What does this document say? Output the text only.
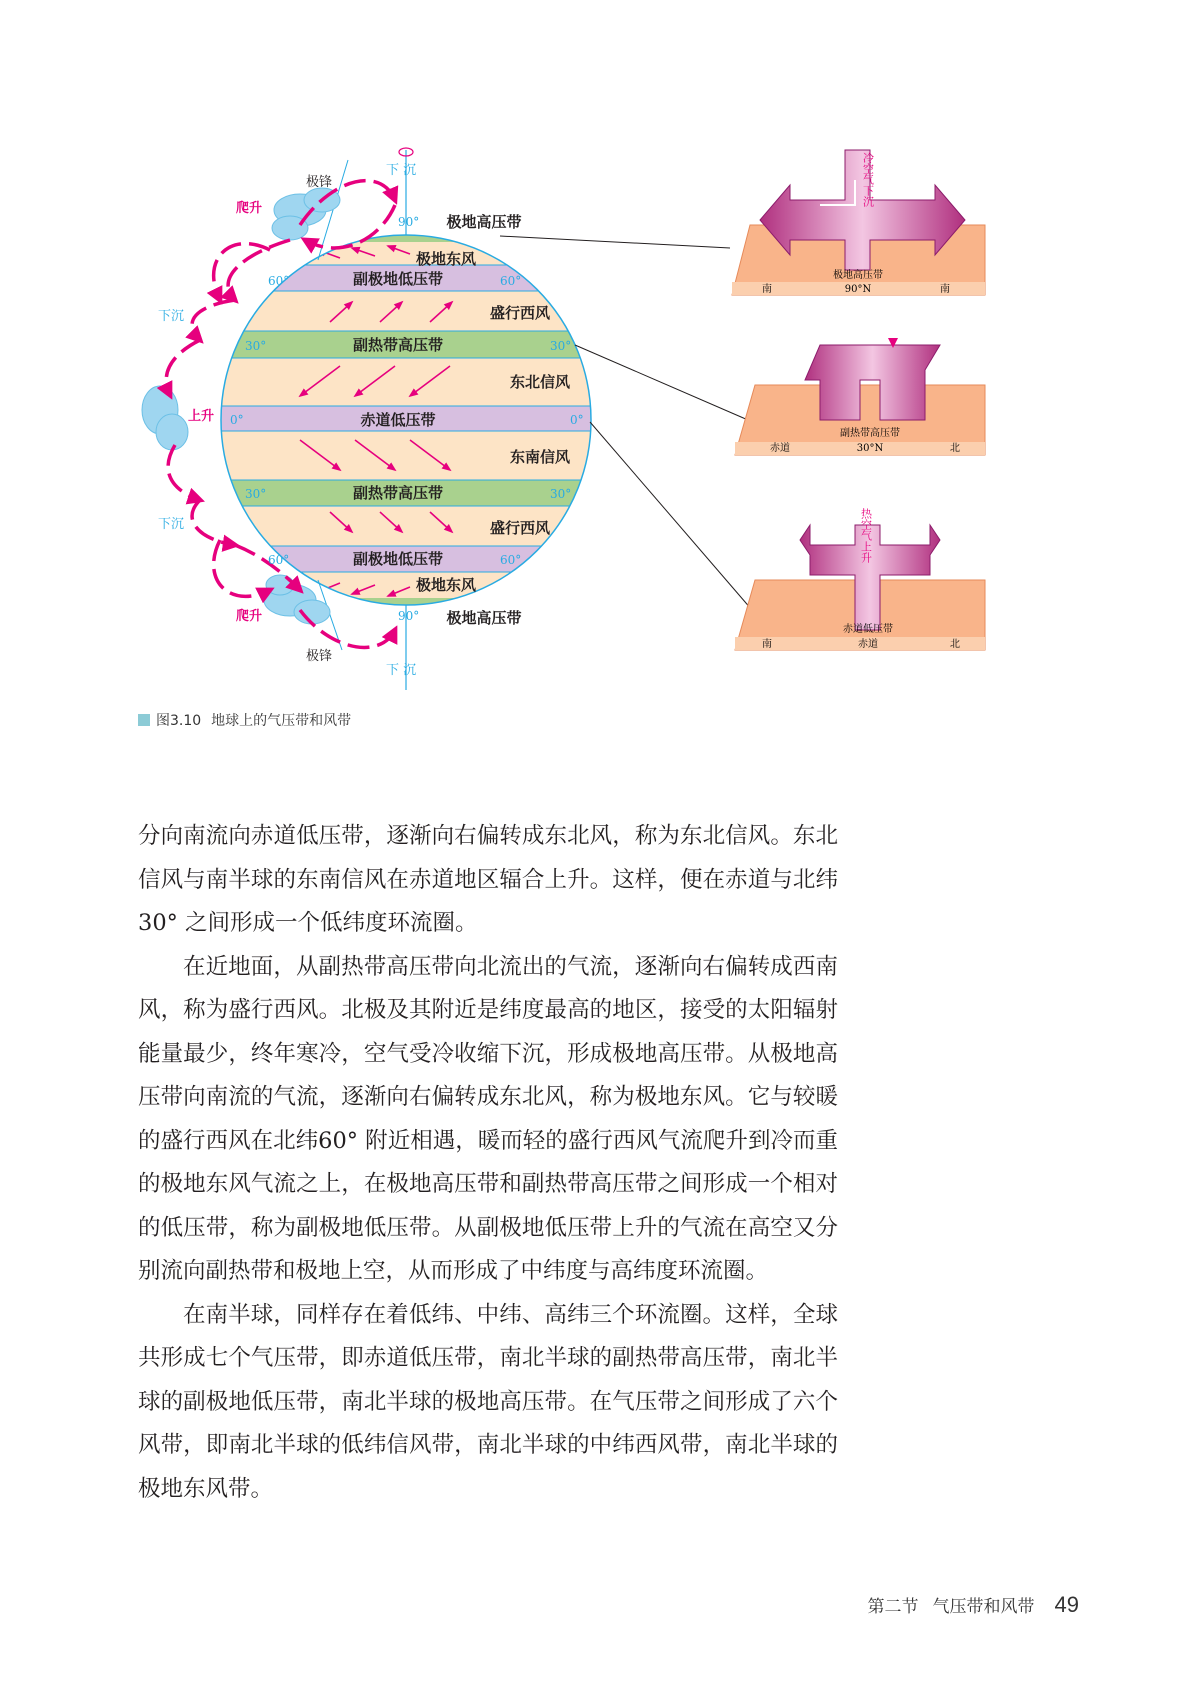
极地东风
副极地低压带
盛行西风
副热带高压带
东北信风
赤道低压带
东南信风
副热带高压带
盛行西风
副极地低压带
极地东风
极地高压带
极地高压带
60°	60°
30°	30°
0°	0°
30°	30°
60°	60°
90°
90°
极锋
极锋
爬升
爬升
下 沉
下 沉
下沉
下沉
上升
冷空气下沉
极地高压带
南	90°N	南
副热带高压带
赤道	30°N	北
热空气上升
赤道低压带
南	赤道	北
图3.10 地球上的气压带和风带

分向南流向赤道低压带，逐渐向右偏转成东北风，称为东北信风。东北信风与南半球的东南信风在赤道地区辐合上升。这样，便在赤道与北纬30° 之间形成一个低纬度环流圈。

在近地面，从副热带高压带向北流出的气流，逐渐向右偏转成西南风，称为盛行西风。北极及其附近是纬度最高的地区，接受的太阳辐射能量最少，终年寒冷，空气受冷收缩下沉，形成极地高压带。从极地高压带向南流的气流，逐渐向右偏转成东北风，称为极地东风。它与较暖的盛行西风在北纬60° 附近相遇，暖而轻的盛行西风气流爬升到冷而重的极地东风气流之上，在极地高压带和副热带高压带之间形成一个相对的低压带，称为副极地低压带。从副极地低压带上升的气流在高空又分别流向副热带和极地上空，从而形成了中纬度与高纬度环流圈。

在南半球，同样存在着低纬、中纬、高纬三个环流圈。这样，全球共形成七个气压带，即赤道低压带，南北半球的副热带高压带，南北半球的副极地低压带，南北半球的极地高压带。在气压带之间形成了六个风带，即南北半球的低纬信风带，南北半球的中纬西风带，南北半球的极地东风带。

第二节 气压带和风带 49
